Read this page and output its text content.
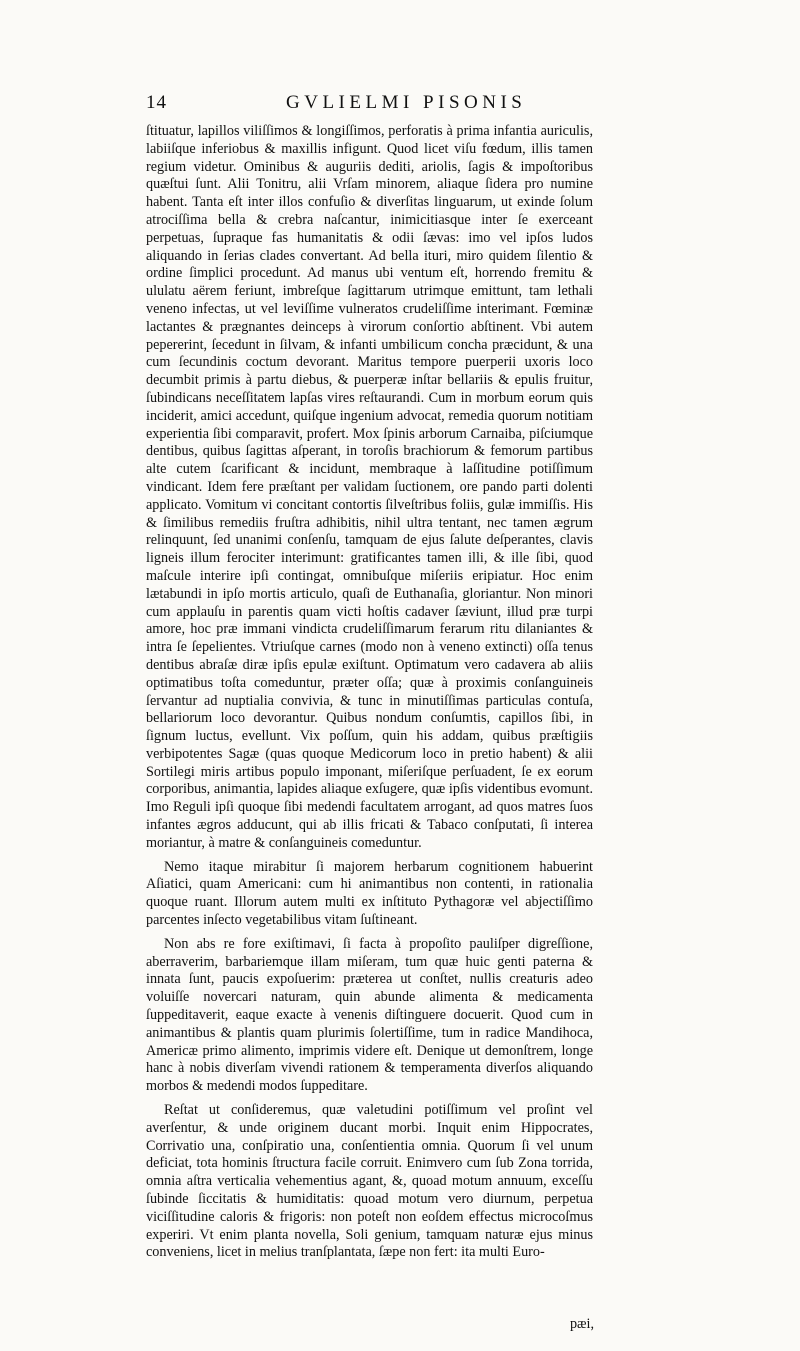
14	GVLIELMI PISONIS

ſtituatur, lapillos viliſſimos & longiſſimos, perforatis à prima infantia auriculis, labiiſque inferiobus & maxillis infigunt. Quod licet viſu fœdum, illis tamen regium videtur. Ominibus & auguriis dediti, ariolis, ſagis & impoſtoribus quæſtui ſunt. Alii Tonitru, alii Vrſam minorem, aliaque ſidera pro numine habent. Tanta eſt inter illos confuſio & diverſitas linguarum, ut exinde ſolum atrociſſima bella & crebra naſcantur, inimicitiasque inter ſe exerceant perpetuas, ſupraque fas humanitatis & odii ſævas: imo vel ipſos ludos aliquando in ſerias clades convertant. Ad bella ituri, miro quidem ſilentio & ordine ſimplici procedunt. Ad manus ubi ventum eſt, horrendo fremitu & ululatu aërem feriunt, imbreſque ſagittarum utrimque emittunt, tam lethali veneno infectas, ut vel leviſſime vulneratos crudeliſſime interimant. Fœminæ lactantes & prægnantes deinceps à virorum conſortio abſtinent. Vbi autem pepererint, ſecedunt in ſilvam, & infanti umbilicum concha præcidunt, & una cum ſecundinis coctum devorant. Maritus tempore puerperii uxoris loco decumbit primis à partu diebus, & puerperæ inſtar bellariis & epulis fruitur, ſubindicans neceſſitatem lapſas vires reſtaurandi. Cum in morbum eorum quis inciderit, amici accedunt, quiſque ingenium advocat, remedia quorum notitiam experientia ſibi comparavit, profert. Mox ſpinis arborum Carnaiba, piſciumque dentibus, quibus ſagittas aſperant, in toroſis brachiorum & femorum partibus alte cutem ſcarificant & incidunt, membraque à laſſitudine potiſſimum vindicant. Idem fere præſtant per validam ſuctionem, ore pando parti dolenti applicato. Vomitum vi concitant contortis ſilveſtribus foliis, gulæ immiſſis. His & ſimilibus remediis fruſtra adhibitis, nihil ultra tentant, nec tamen ægrum relinquunt, ſed unanimi conſenſu, tamquam de ejus ſalute deſperantes, clavis ligneis illum ferociter interimunt: gratificantes tamen illi, & ille ſibi, quod maſcule interire ipſi contingat, omnibuſque miſeriis eripiatur. Hoc enim lætabundi in ipſo mortis articulo, quaſi de Euthanaſia, gloriantur. Non minori cum applauſu in parentis quam victi hoſtis cadaver ſæviunt, illud præ turpi amore, hoc præ immani vindicta crudeliſſimarum ferarum ritu dilaniantes & intra ſe ſepelientes. Vtriuſque carnes (modo non à veneno extincti) oſſa tenus dentibus abraſæ diræ ipſis epulæ exiſtunt. Optimatum vero cadavera ab aliis optimatibus toſta comeduntur, præter oſſa; quæ à proximis conſanguineis ſervantur ad nuptialia convivia, & tunc in minutiſſimas particulas contuſa, bellariorum loco devorantur. Quibus nondum conſumtis, capillos ſibi, in ſignum luctus, evellunt. Vix poſſum, quin his addam, quibus præſtigiis verbipotentes Sagæ (quas quoque Medicorum loco in pretio habent) & alii Sortilegi miris artibus populo imponant, miſeriſque perſuadent, ſe ex eorum corporibus, animantia, lapides aliaque exſugere, quæ ipſis videntibus evomunt. Imo Reguli ipſi quoque ſibi medendi facultatem arrogant, ad quos matres ſuos infantes ægros adducunt, qui ab illis fricati & Tabaco conſputati, ſi interea moriantur, à matre & conſanguineis comeduntur.

Nemo itaque mirabitur ſi majorem herbarum cognitionem habuerint Aſiatici, quam Americani: cum hi animantibus non contenti, in rationalia quoque ruant. Illorum autem multi ex inſtituto Pythagoræ vel abjectiſſimo parcentes inſecto vegetabilibus vitam ſuſtineant.

Non abs re fore exiſtimavi, ſi facta à propoſito pauliſper digreſſione, aberraverim, barbariemque illam miſeram, tum quæ huic genti paterna & innata ſunt, paucis expoſuerim: præterea ut conſtet, nullis creaturis adeo voluiſſe novercari naturam, quin abunde alimenta & medicamenta ſuppeditaverit, eaque exacte à venenis diſtinguere docuerit. Quod cum in animantibus & plantis quam plurimis ſolertiſſime, tum in radice Mandihoca, Americæ primo alimento, imprimis videre eſt. Denique ut demonſtrem, longe hanc à nobis diverſam vivendi rationem & temperamenta diverſos aliquando morbos & medendi modos ſuppeditare.

Reſtat ut conſideremus, quæ valetudini potiſſimum vel proſint vel averſentur, & unde originem ducant morbi. Inquit enim Hippocrates, Corrivatio una, conſpiratio una, conſentientia omnia. Quorum ſi vel unum deficiat, tota hominis ſtructura facile corruit. Enimvero cum ſub Zona torrida, omnia aſtra verticalia vehementius agant, &, quoad motum annuum, exceſſu ſubinde ſiccitatis & humiditatis: quoad motum vero diurnum, perpetua viciſſitudine caloris & frigoris: non poteſt non eoſdem effectus microcoſmus experiri. Vt enim planta novella, Soli genium, tamquam naturæ ejus minus conveniens, licet in melius tranſplantata, ſæpe non fert: ita multi Euro-

pæi,
